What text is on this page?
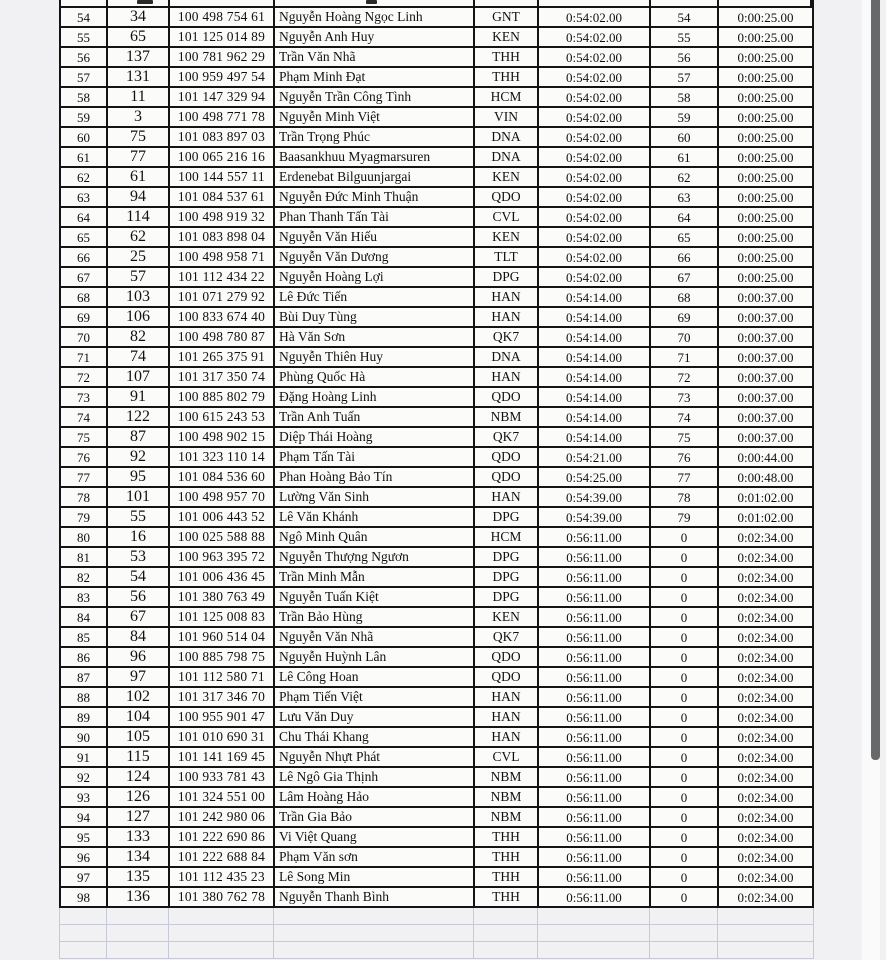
54	34	100 498 754 61	Nguyễn Hoàng Ngọc Linh	GNT	0:54:02.00	54	0:00:25.00
55	65	101 125 014 89	Nguyễn Anh Huy	KEN	0:54:02.00	55	0:00:25.00
56	137	100 781 962 29	Trần Văn Nhã	THH	0:54:02.00	56	0:00:25.00
57	131	100 959 497 54	Phạm Minh Đạt	THH	0:54:02.00	57	0:00:25.00
58	11	101 147 329 94	Nguyễn Trần Công Tình	HCM	0:54:02.00	58	0:00:25.00
59	3	100 498 771 78	Nguyễn Minh Việt	VIN	0:54:02.00	59	0:00:25.00
60	75	101 083 897 03	Trần Trọng Phúc	DNA	0:54:02.00	60	0:00:25.00
61	77	100 065 216 16	Baasankhuu Myagmarsuren	DNA	0:54:02.00	61	0:00:25.00
62	61	100 144 557 11	Erdenebat Bilguunjargai	KEN	0:54:02.00	62	0:00:25.00
63	94	101 084 537 61	Nguyễn Đức Minh Thuận	QDO	0:54:02.00	63	0:00:25.00
64	114	100 498 919 32	Phan Thanh Tấn Tài	CVL	0:54:02.00	64	0:00:25.00
65	62	101 083 898 04	Nguyễn Văn Hiếu	KEN	0:54:02.00	65	0:00:25.00
66	25	100 498 958 71	Nguyễn Văn Dương	TLT	0:54:02.00	66	0:00:25.00
67	57	101 112 434 22	Nguyễn Hoàng Lợi	DPG	0:54:02.00	67	0:00:25.00
68	103	101 071 279 92	Lê Đức Tiến	HAN	0:54:14.00	68	0:00:37.00
69	106	100 833 674 40	Bùi Duy Tùng	HAN	0:54:14.00	69	0:00:37.00
70	82	100 498 780 87	Hà Văn Sơn	QK7	0:54:14.00	70	0:00:37.00
71	74	101 265 375 91	Nguyễn Thiên Huy	DNA	0:54:14.00	71	0:00:37.00
72	107	101 317 350 74	Phùng Quốc Hà	HAN	0:54:14.00	72	0:00:37.00
73	91	100 885 802 79	Đặng Hoàng Linh	QDO	0:54:14.00	73	0:00:37.00
74	122	100 615 243 53	Trần Anh Tuấn	NBM	0:54:14.00	74	0:00:37.00
75	87	100 498 902 15	Diệp Thái Hoàng	QK7	0:54:14.00	75	0:00:37.00
76	92	101 323 110 14	Phạm Tấn Tài	QDO	0:54:21.00	76	0:00:44.00
77	95	101 084 536 60	Phan Hoàng Bảo Tín	QDO	0:54:25.00	77	0:00:48.00
78	101	100 498 957 70	Lường Văn Sinh	HAN	0:54:39.00	78	0:01:02.00
79	55	101 006 443 52	Lê Văn Khánh	DPG	0:54:39.00	79	0:01:02.00
80	16	100 025 588 88	Ngô Minh Quân	HCM	0:56:11.00	0	0:02:34.00
81	53	100 963 395 72	Nguyễn Thượng Ngươn	DPG	0:56:11.00	0	0:02:34.00
82	54	101 006 436 45	Trần Minh Mẫn	DPG	0:56:11.00	0	0:02:34.00
83	56	101 380 763 49	Nguyễn Tuấn Kiệt	DPG	0:56:11.00	0	0:02:34.00
84	67	101 125 008 83	Trần Bảo Hùng	KEN	0:56:11.00	0	0:02:34.00
85	84	101 960 514 04	Nguyễn Văn Nhã	QK7	0:56:11.00	0	0:02:34.00
86	96	100 885 798 75	Nguyễn Huỳnh Lân	QDO	0:56:11.00	0	0:02:34.00
87	97	101 112 580 71	Lê Công Hoan	QDO	0:56:11.00	0	0:02:34.00
88	102	101 317 346 70	Phạm Tiến Việt	HAN	0:56:11.00	0	0:02:34.00
89	104	100 955 901 47	Lưu Văn Duy	HAN	0:56:11.00	0	0:02:34.00
90	105	101 010 690 31	Chu Thái Khang	HAN	0:56:11.00	0	0:02:34.00
91	115	101 141 169 45	Nguyễn Nhựt Phát	CVL	0:56:11.00	0	0:02:34.00
92	124	100 933 781 43	Lê Ngô Gia Thịnh	NBM	0:56:11.00	0	0:02:34.00
93	126	101 324 551 00	Lâm Hoàng Hảo	NBM	0:56:11.00	0	0:02:34.00
94	127	101 242 980 06	Trần Gia Bảo	NBM	0:56:11.00	0	0:02:34.00
95	133	101 222 690 86	Vi Việt Quang	THH	0:56:11.00	0	0:02:34.00
96	134	101 222 688 84	Phạm Văn sơn	THH	0:56:11.00	0	0:02:34.00
97	135	101 112 435 23	Lê Song Min	THH	0:56:11.00	0	0:02:34.00
98	136	101 380 762 78	Nguyễn Thanh Bình	THH	0:56:11.00	0	0:02:34.00
